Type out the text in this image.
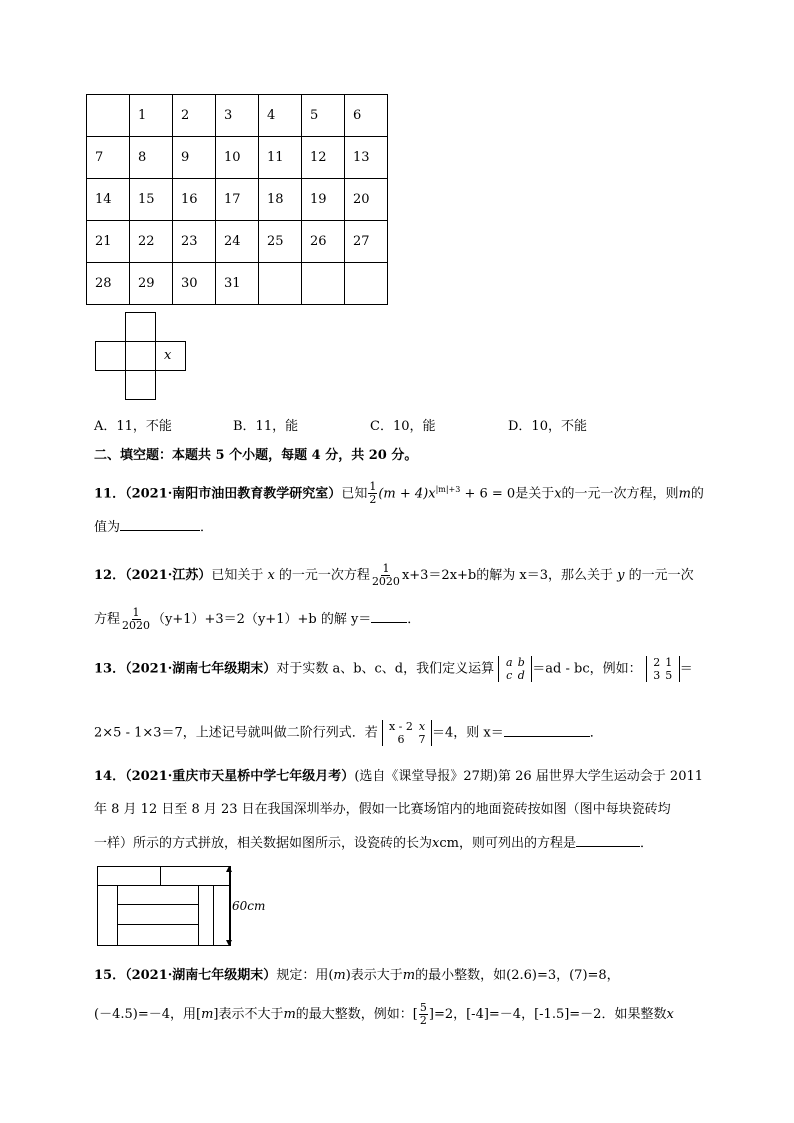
	1	2	3	4	5	6
7	8	9	10	11	12	13
14	15	16	17	18	19	20
21	22	23	24	25	26	27
28	29	30	31			
x
A．11，不能	B．11，能	C．10，能	D．10，不能
二、填空题：本题共 5 个小题，每题 4 分，共 20 分。
11．（2021·南阳市油田教育教学研究室）已知 $\frac{1}{2} (m + 4)x^{|m|+3} + 6 = 0$是关于x的一元一次方程，则m的
值为	．
12．（2021·江苏）已知关于 x 的一元一次方程 $\frac{1}{2020} x+3=2x+b$的解为 x＝3，那么关于 y 的一元一次
方程 $\frac{1}{2020} (y+1)+3=2(y+1)+b$ 的解 y＝	．
13．（2021·湖南七年级期末）对于实数 a、b、c、d，我们定义运算 a b
c d ＝ad - bc，例如： 2 1
3 5 ＝
2×5 - 1×3＝7，上述记号就叫做二阶行列式．若 x - 2 x
6	7 ＝4，则 x＝	．
14．（2021·重庆市天星桥中学七年级月考）(选自《课堂导报》27期)第 26 届世界大学生运动会于 2011
年 8 月 12 日至 8 月 23 日在我国深圳举办，假如一比赛场馆内的地面瓷砖按如图（图中每块瓷砖均
一样）所示的方式拼放，相关数据如图所示，设瓷砖的长为xcm，则可列出的方程是	．
60cm
15．（2021·湖南七年级期末）规定：用(m)表示大于m的最小整数，如(2.6)=3，(7)=8，
(－4.5)=－4，用[m]表示不大于m的最大整数，例如：[ $\frac{5}{2} ]=2$，[-4]=－4，[-1.5]=－2．如果整数x
